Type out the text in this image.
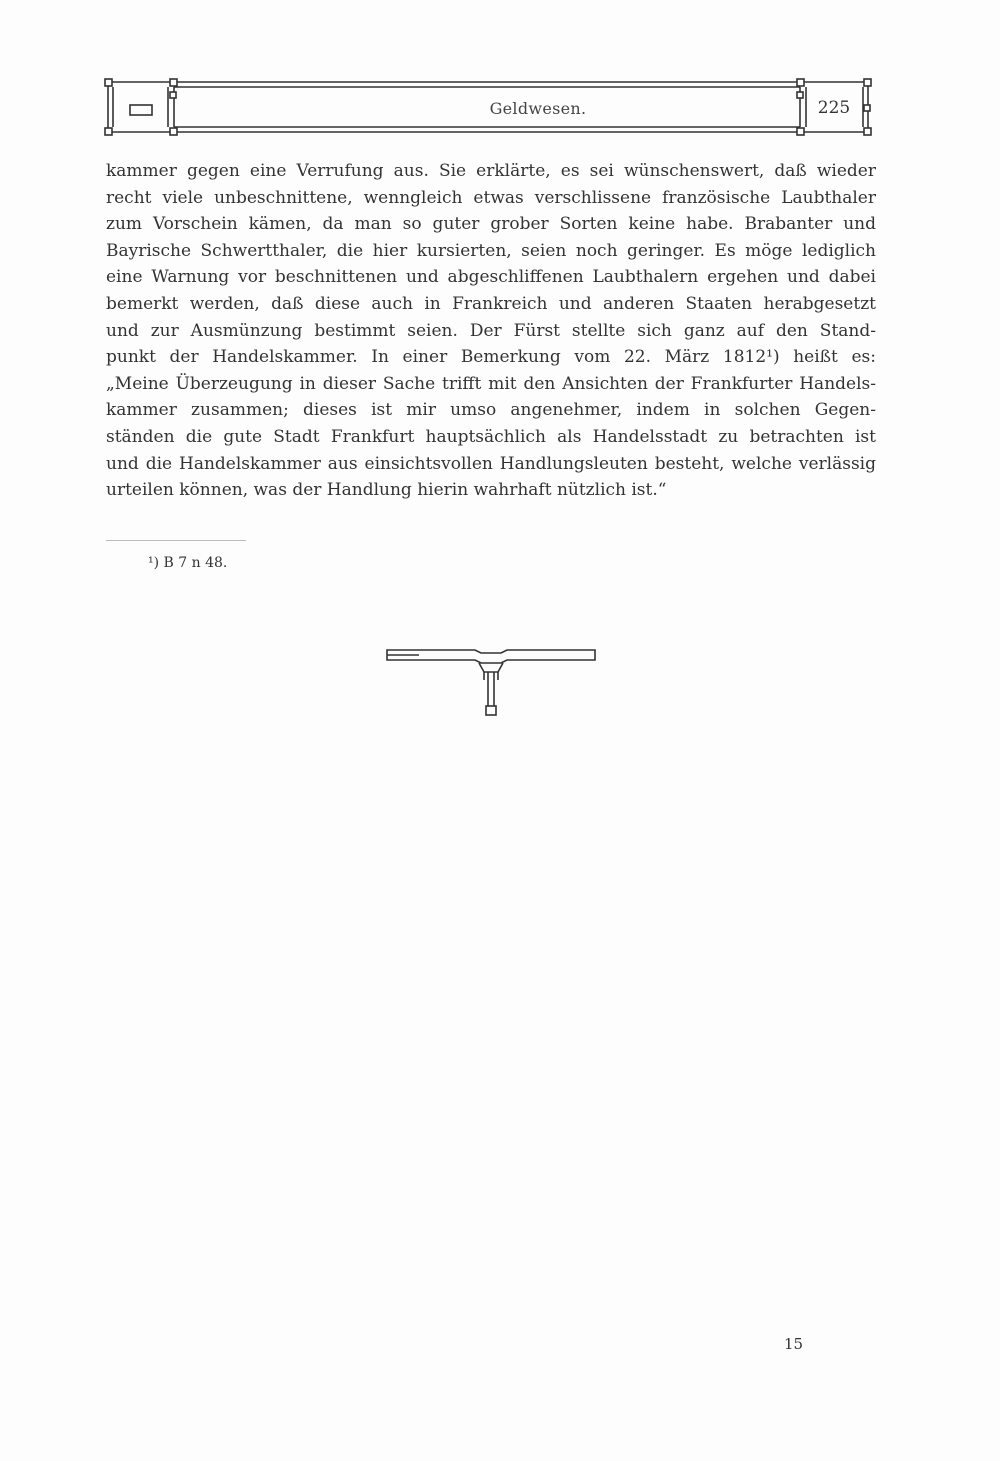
Geldwesen.	225
kammer gegen eine Verrufung aus. Sie erklärte, es sei wünschenswert, daß wieder
recht viele unbeschnittene, wenngleich etwas verschlissene französische Laubthaler
zum Vorschein kämen, da man so guter grober Sorten keine habe. Brabanter und
Bayrische Schwertthaler, die hier kursierten, seien noch geringer. Es möge lediglich
eine Warnung vor beschnittenen und abgeschliffenen Laubthalern ergehen und dabei
bemerkt werden, daß diese auch in Frankreich und anderen Staaten herabgesetzt
und zur Ausmünzung bestimmt seien. Der Fürst stellte sich ganz auf den Stand-
punkt der Handelskammer. In einer Bemerkung vom 22. März 1812¹) heißt es:
„Meine Überzeugung in dieser Sache trifft mit den Ansichten der Frankfurter Handels-
kammer zusammen; dieses ist mir umso angenehmer, indem in solchen Gegen-
ständen die gute Stadt Frankfurt hauptsächlich als Handelsstadt zu betrachten ist
und die Handelskammer aus einsichtsvollen Handlungsleuten besteht, welche verlässig
urteilen können, was der Handlung hierin wahrhaft nützlich ist.“
¹) B 7 n 48.
15
